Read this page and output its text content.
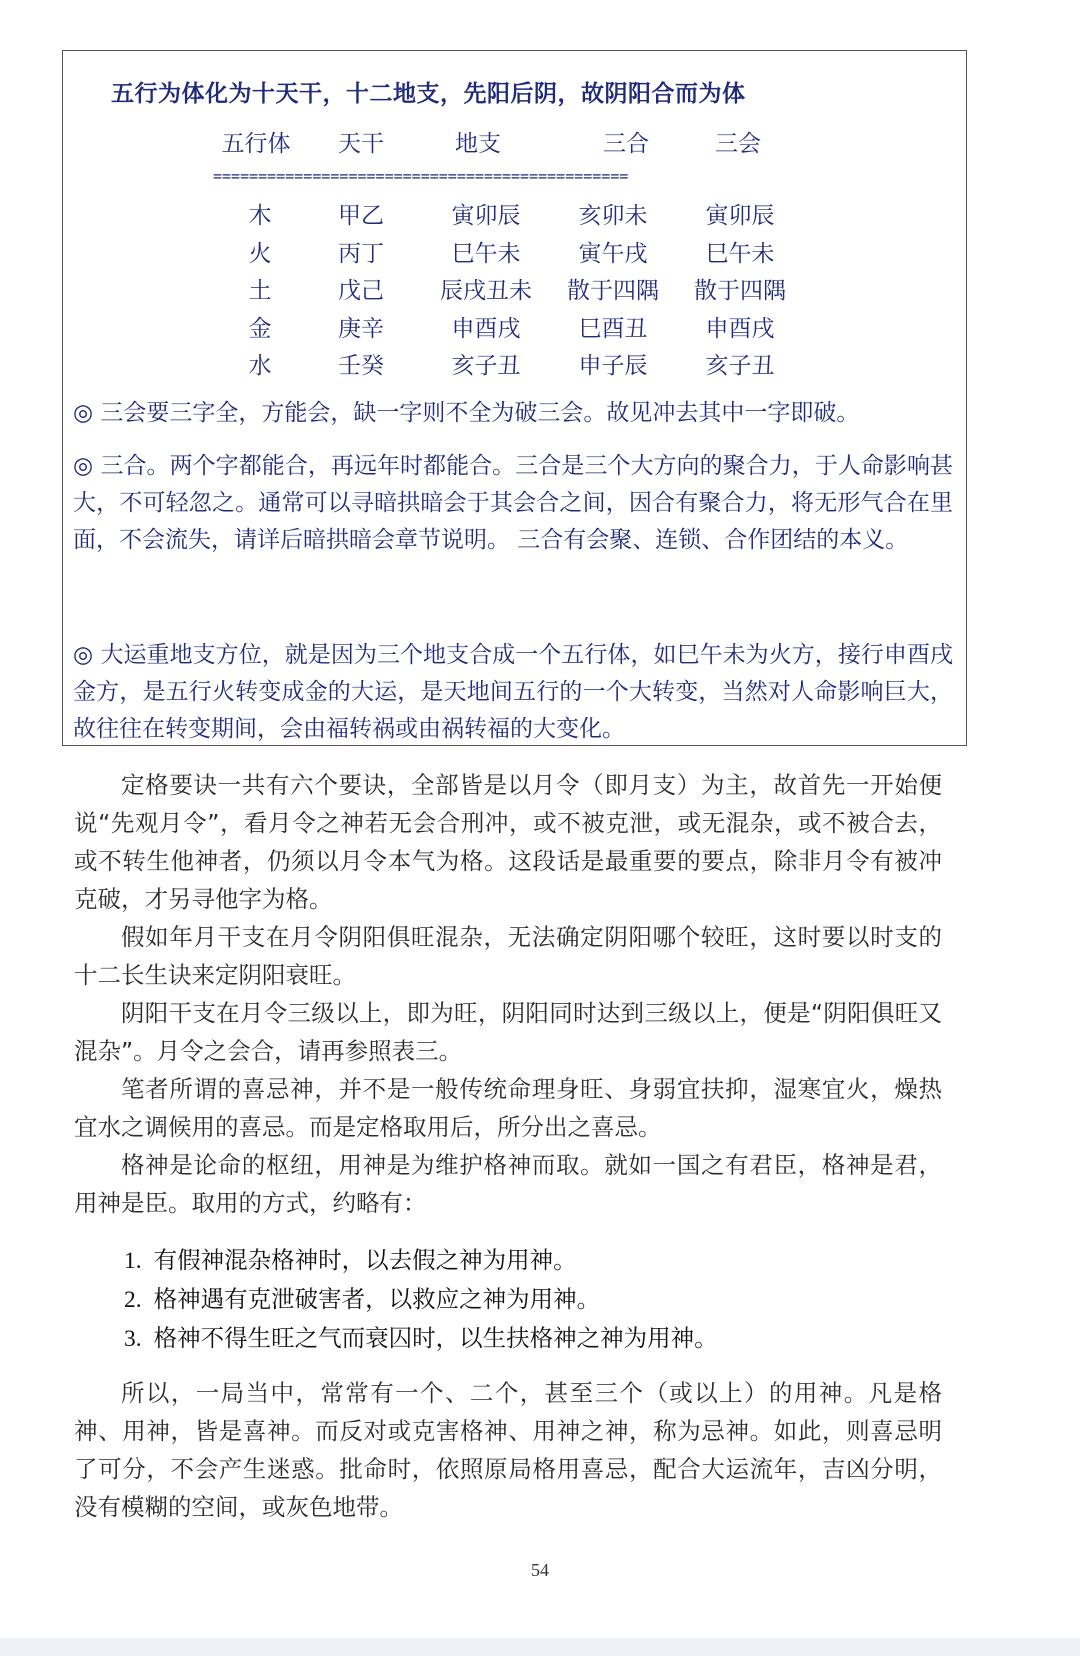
五行为体化为十天干，十二地支，先阳后阴，故阴阳合而为体
五行体	天干	地支	三合	三会
==============================================
木	甲乙	寅卯辰	亥卯未	寅卯辰
火	丙丁	巳午未	寅午戌	巳午未
土	戊己	辰戌丑未	散于四隅	散于四隅
金	庚辛	申酉戌	巳酉丑	申酉戌
水	壬癸	亥子丑	申子辰	亥子丑
◎ 三会要三字全，方能会，缺一字则不全为破三会。故见冲去其中一字即破。
◎ 三合。两个字都能合，再远年时都能合。三合是三个大方向的聚合力，于人命影响甚大，不可轻忽之。通常可以寻暗拱暗会于其会合之间，因合有聚合力，将无形气合在里面，不会流失，请详后暗拱暗会章节说明。 三合有会聚、连锁、合作团结的本义。
◎ 大运重地支方位，就是因为三个地支合成一个五行体，如巳午未为火方，接行申酉戌金方，是五行火转变成金的大运，是天地间五行的一个大转变，当然对人命影响巨大，故往往在转变期间，会由福转祸或由祸转福的大变化。

定格要诀一共有六个要诀，全部皆是以月令（即月支）为主，故首先一开始便说“先观月令”，看月令之神若无会合刑冲，或不被克泄，或无混杂，或不被合去，或不转生他神者，仍须以月令本气为格。这段话是最重要的要点，除非月令有被冲克破，才另寻他字为格。

假如年月干支在月令阴阳俱旺混杂，无法确定阴阳哪个较旺，这时要以时支的十二长生诀来定阴阳衰旺。

阴阳干支在月令三级以上，即为旺，阴阳同时达到三级以上，便是“阴阳俱旺又混杂”。月令之会合，请再参照表三。

笔者所谓的喜忌神，并不是一般传统命理身旺、身弱宜扶抑，湿寒宜火，燥热宜水之调候用的喜忌。而是定格取用后，所分出之喜忌。

格神是论命的枢纽，用神是为维护格神而取。就如一国之有君臣，格神是君，用神是臣。取用的方式，约略有：

1. 有假神混杂格神时，以去假之神为用神。
2. 格神遇有克泄破害者，以救应之神为用神。
3. 格神不得生旺之气而衰囚时，以生扶格神之神为用神。

所以，一局当中，常常有一个、二个，甚至三个（或以上）的用神。凡是格神、用神，皆是喜神。而反对或克害格神、用神之神，称为忌神。如此，则喜忌明了可分，不会产生迷惑。批命时，依照原局格用喜忌，配合大运流年，吉凶分明，没有模糊的空间，或灰色地带。

54
